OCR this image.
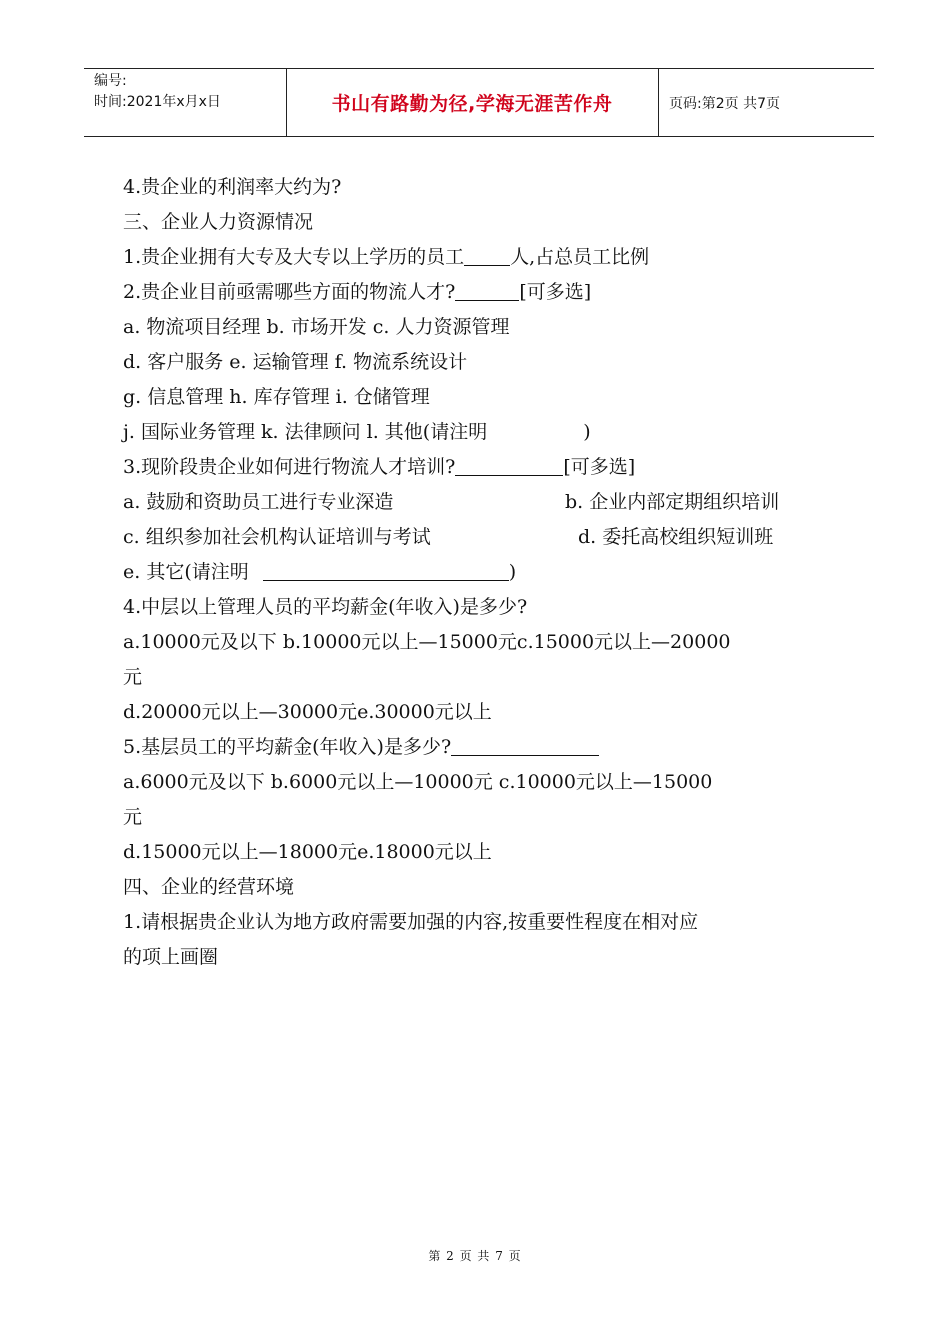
编号:
时间:2021年x月x日	书山有路勤为径,学海无涯苦作舟	页码:第2页 共7页
4.贵企业的利润率大约为?
三、企业人力资源情况
1.贵企业拥有大专及大专以上学历的员工 人,占总员工比例
2.贵企业目前亟需哪些方面的物流人才?	[可多选]
a. 物流项目经理 b. 市场开发 c. 人力资源管理
d. 客户服务 e. 运输管理 f. 物流系统设计
g. 信息管理 h. 库存管理 i. 仓储管理
j. 国际业务管理 k. 法律顾问 l. 其他(请注明	)
3.现阶段贵企业如何进行物流人才培训?	[可多选]
a. 鼓励和资助员工进行专业深造	b. 企业内部定期组织培训
c. 组织参加社会机构认证培训与考试	d. 委托高校组织短训班
e. 其它(请注明	)
4.中层以上管理人员的平均薪金(年收入)是多少?
a.10000元及以下 b.10000元以上—15000元c.15000元以上—20000
元
d.20000元以上—30000元e.30000元以上
5.基层员工的平均薪金(年收入)是多少?
a.6000元及以下 b.6000元以上—10000元 c.10000元以上—15000
元
d.15000元以上—18000元e.18000元以上
四、企业的经营环境
1.请根据贵企业认为地方政府需要加强的内容,按重要性程度在相对应
的项上画圈
第 2 页 共 7 页
